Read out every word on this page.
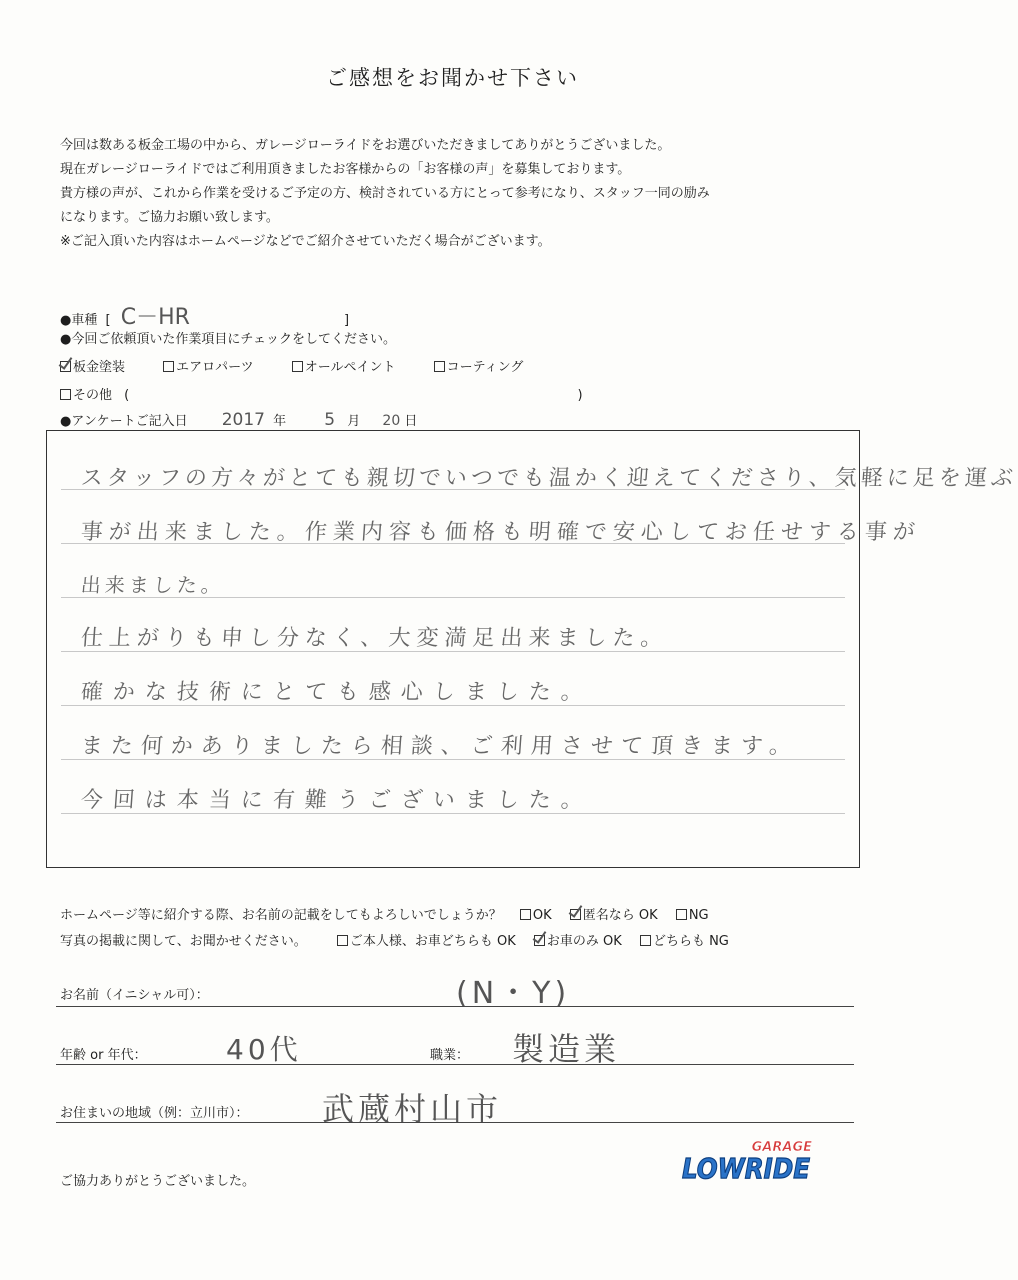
ご感想をお聞かせ下さい
今回は数ある板金工場の中から、ガレージローライドをお選びいただきましてありがとうございました。
現在ガレージローライドではご利用頂きましたお客様からの「お客様の声」を募集しております。
貴方様の声が、これから作業を受けるご予定の方、検討されている方にとって参考になり、スタッフ一同の励み
になります。ご協力お願い致します。
※ご記入頂いた内容はホームページなどでご紹介させていただく場合がございます。
●車種 [ C－HR	]
●今回ご依頼頂いた作業項目にチェックをしてください。
板金塗装	エアロパーツ	オールペイント	コーティング
その他 (	)
●アンケートご記入日 2017 年 5 月 20 日
スタッフの方々がとても親切でいつでも温かく迎えてくださり、気軽に足を運ぶ
事が出来ました。作業内容も価格も明確で安心してお任せする事が
出来ました。
仕上がりも申し分なく、大変満足出来ました。
確かな技術にとても感心しました。
また何かありましたら相談、ご利用させて頂きます。
今回は本当に有難うございました。
ホームページ等に紹介する際、お名前の記載をしてもよろしいでしょうか？ OK 匿名なら OK NG
写真の掲載に関して、お聞かせください。	ご本人様、お車どちらも OK お車のみ OK どちらも NG
お名前（イニシャル可）：	(N・Y)
年齢 or 年代：	40代	職業： 製造業
お住まいの地域（例：立川市）： 武蔵村山市
GARAGE
LOWRIDE
ご協力ありがとうございました。
